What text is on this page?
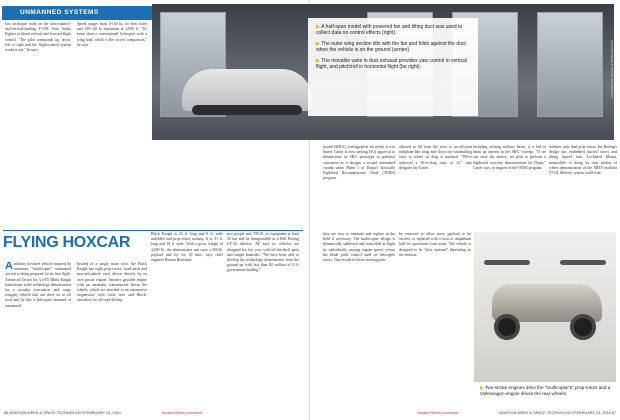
UNMANNED SYSTEMS
low technique used on the short-takeoff-and-vertical-landing F-35B Joint Strike Fighter to blend vertical and forward flight control. "The pilot commands up, down, left or right and the flight-control system works it out," he says.
Speed ranges from 0-160 kt, for best loiter and 130-140 kt maximum at 2,000 ft. "It's faster than a conventional helicopter with a wing load, which is the correct comparison," he says.

▶ A half-span model with powered fan and tilting duct was used to collect data on control effects (right).

▶ The outer wing section tilts with the fan and folds against the duct when the vehicle is on the ground (center).

▶ The movable vane in duct exhaust provides yaw control in vertical flight, and pitch/roll in horizontal flight (far right).	AVIATION WEEK & SPACE TECHNOLOGY
pound (SHUC) configuration on which it was based. Carter is now seeking FAA approval to demonstrate its SR/C prototype to potential customers as it designs a second unmanned variant under Phase 1 of Darpa's Tactically Exploited Reconnaissance Node (TERN) program.
allowed at lift from the rotor to an efficient miliplane-like wing and slows the windmilling rotor to where its drag is minimal. "We've achieved a 50-to-drag ratio of 12," says designer Jay Carter.
including visiting military bases, is a bid to drum up interest in the SR/C concept. "If we can raise the money, we plan to perform a shipboard recovery demonstration for Darpa," Carter says, in support of the TERN program.
tailsitter with dual prop-rotors, but Boeing's design has embedded ducted rotors and tilting ducted fans. Lockheed Martin, meanwhile, is doing its own studies of where demonstration of the ARES modular VTOL delivery system could lead.
FLYING HOXCAR
Amilitary flywheel vehicle inspired by miniature "multicopter" unmanned aircraft is being prepared for its first flight. Advanced Tactics Inc.'s (AT) Black Knight transformer is the technology demonstrator for a casualty evacuation and cargo resupply vehicle that can drive on or off road and fly like a helicopter, manned or unmanned.
Instead of a single main rotor, the Black Knight has eight prop-rotors, fixed-pitch and non-articulated, each driven directly by its own piston engine. Another gasoline engine with an automatic transmission drives the wheels, which are attached to an automotive suspension, with truck tires and shock-absorbers for off-road driving.
Black Knight is 25 ft. long and 8 ft. wide unfolded and prop-rotors turning. It is 31 ft. long and 18 ft. wide. With a gross weight of 4,000 lb., the demonstrator can carry a 500-lb. payload and fly for 30 min., says chief engineer Ruston Bomstein.
two people and 700 lb. of equipment at least 30 km and be transportable in a Bell Boeing CV-22 tiltrotor. AT says its vehicles are designed for low cost, with off-the-shelf parts and simple materials. "We have been able to develop the technology demonstrator from the ground up with less than $2 million of U.S. government funding."
they are easy to maintain and replace in the field if necessary. The multicopter design is dynamically stabilized and controlled in flight by individually varying engine speed, versus the blade pitch control used on helicopter rotors. This results in fewer moving parts.
be removed to allow more payload to be carried, or replaced with a boat or amphibian hull for operations from water. The vehicle is designed to be "pilot optional" depending on the mission.
▶ Two-stroke engines drive the "multicopter's" prop-rotors and a Volkswagen engine drives the rear wheels.
86 AVIATION WEEK & SPACE TECHNOLOGY/FEBRUARY 24, 2014	AviationWeek.com/awst	AviationWeek.com/awst	AVIATION WEEK & SPACE TECHNOLOGY/FEBRUARY 24, 2014 87
